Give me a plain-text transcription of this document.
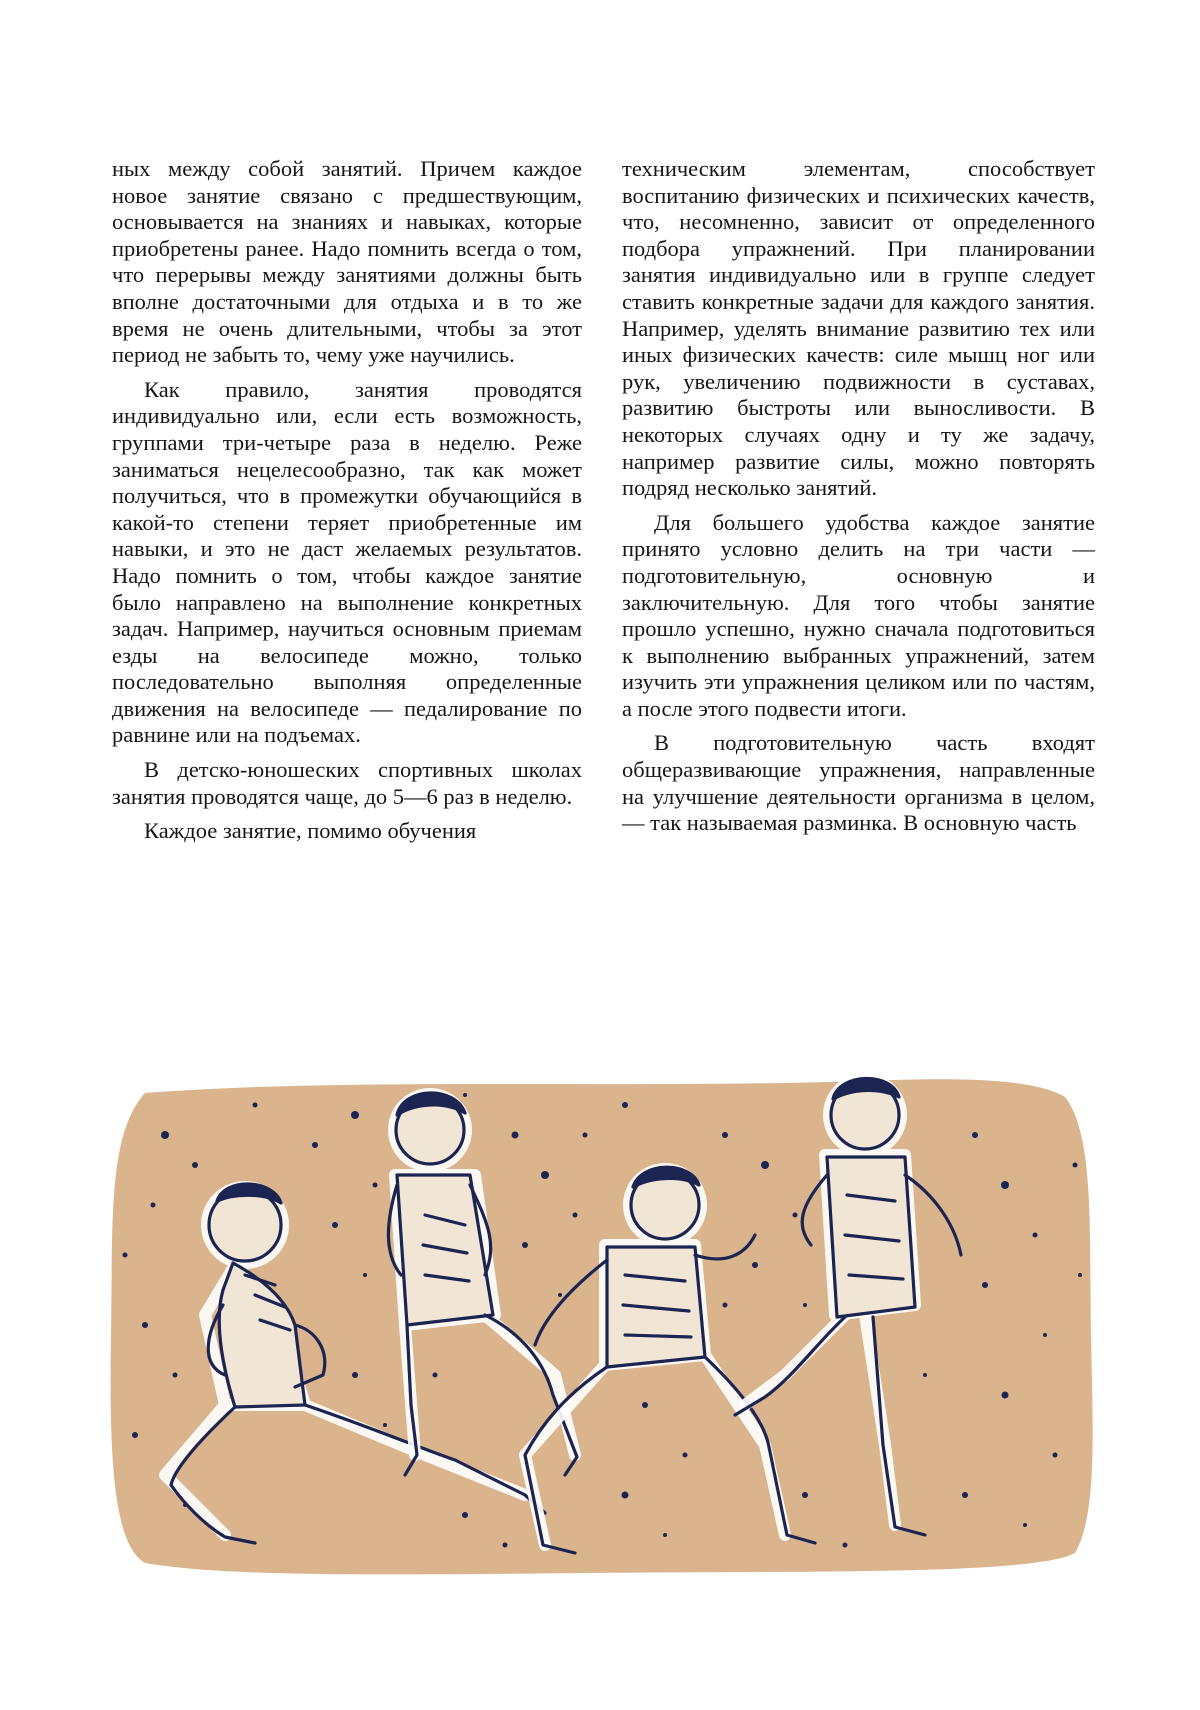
ных между собой занятий. Причем каждое новое занятие связано с предшествующим, основывается на знаниях и навыках, которые приобретены ранее. Надо помнить всегда о том, что перерывы между занятиями должны быть вполне достаточными для отдыха и в то же время не очень длительными, чтобы за этот период не забыть то, чему уже научились.

Как правило, занятия проводятся индивидуально или, если есть возможность, группами три-четыре раза в неделю. Реже заниматься нецелесообразно, так как может получиться, что в промежутки обучающийся в какой-то степени теряет приобретенные им навыки, и это не даст желаемых результатов. Надо помнить о том, чтобы каждое занятие было направлено на выполнение конкретных задач. Например, научиться основным приемам езды на велосипеде можно, только последовательно выполняя определенные движения на велосипеде — педалирование по равнине или на подъемах.

В детско-юношеских спортивных школах занятия проводятся чаще, до 5—6 раз в неделю.

Каждое занятие, помимо обучения

техническим элементам, способствует воспитанию физических и психических качеств, что, несомненно, зависит от определенного подбора упражнений. При планировании занятия индивидуально или в группе следует ставить конкретные задачи для каждого занятия. Например, уделять внимание развитию тех или иных физических качеств: силе мышц ног или рук, увеличению подвижности в суставах, развитию быстроты или выносливости. В некоторых случаях одну и ту же задачу, например развитие силы, можно повторять подряд несколько занятий.

Для большего удобства каждое занятие принято условно делить на три части — подготовительную, основную и заключительную. Для того чтобы занятие прошло успешно, нужно сначала подготовиться к выполнению выбранных упражнений, затем изучить эти упражнения целиком или по частям, а после этого подвести итоги.

В подготовительную часть входят общеразвивающие упражнения, направленные на улучшение деятельности организма в целом,— так называемая разминка. В основную часть
